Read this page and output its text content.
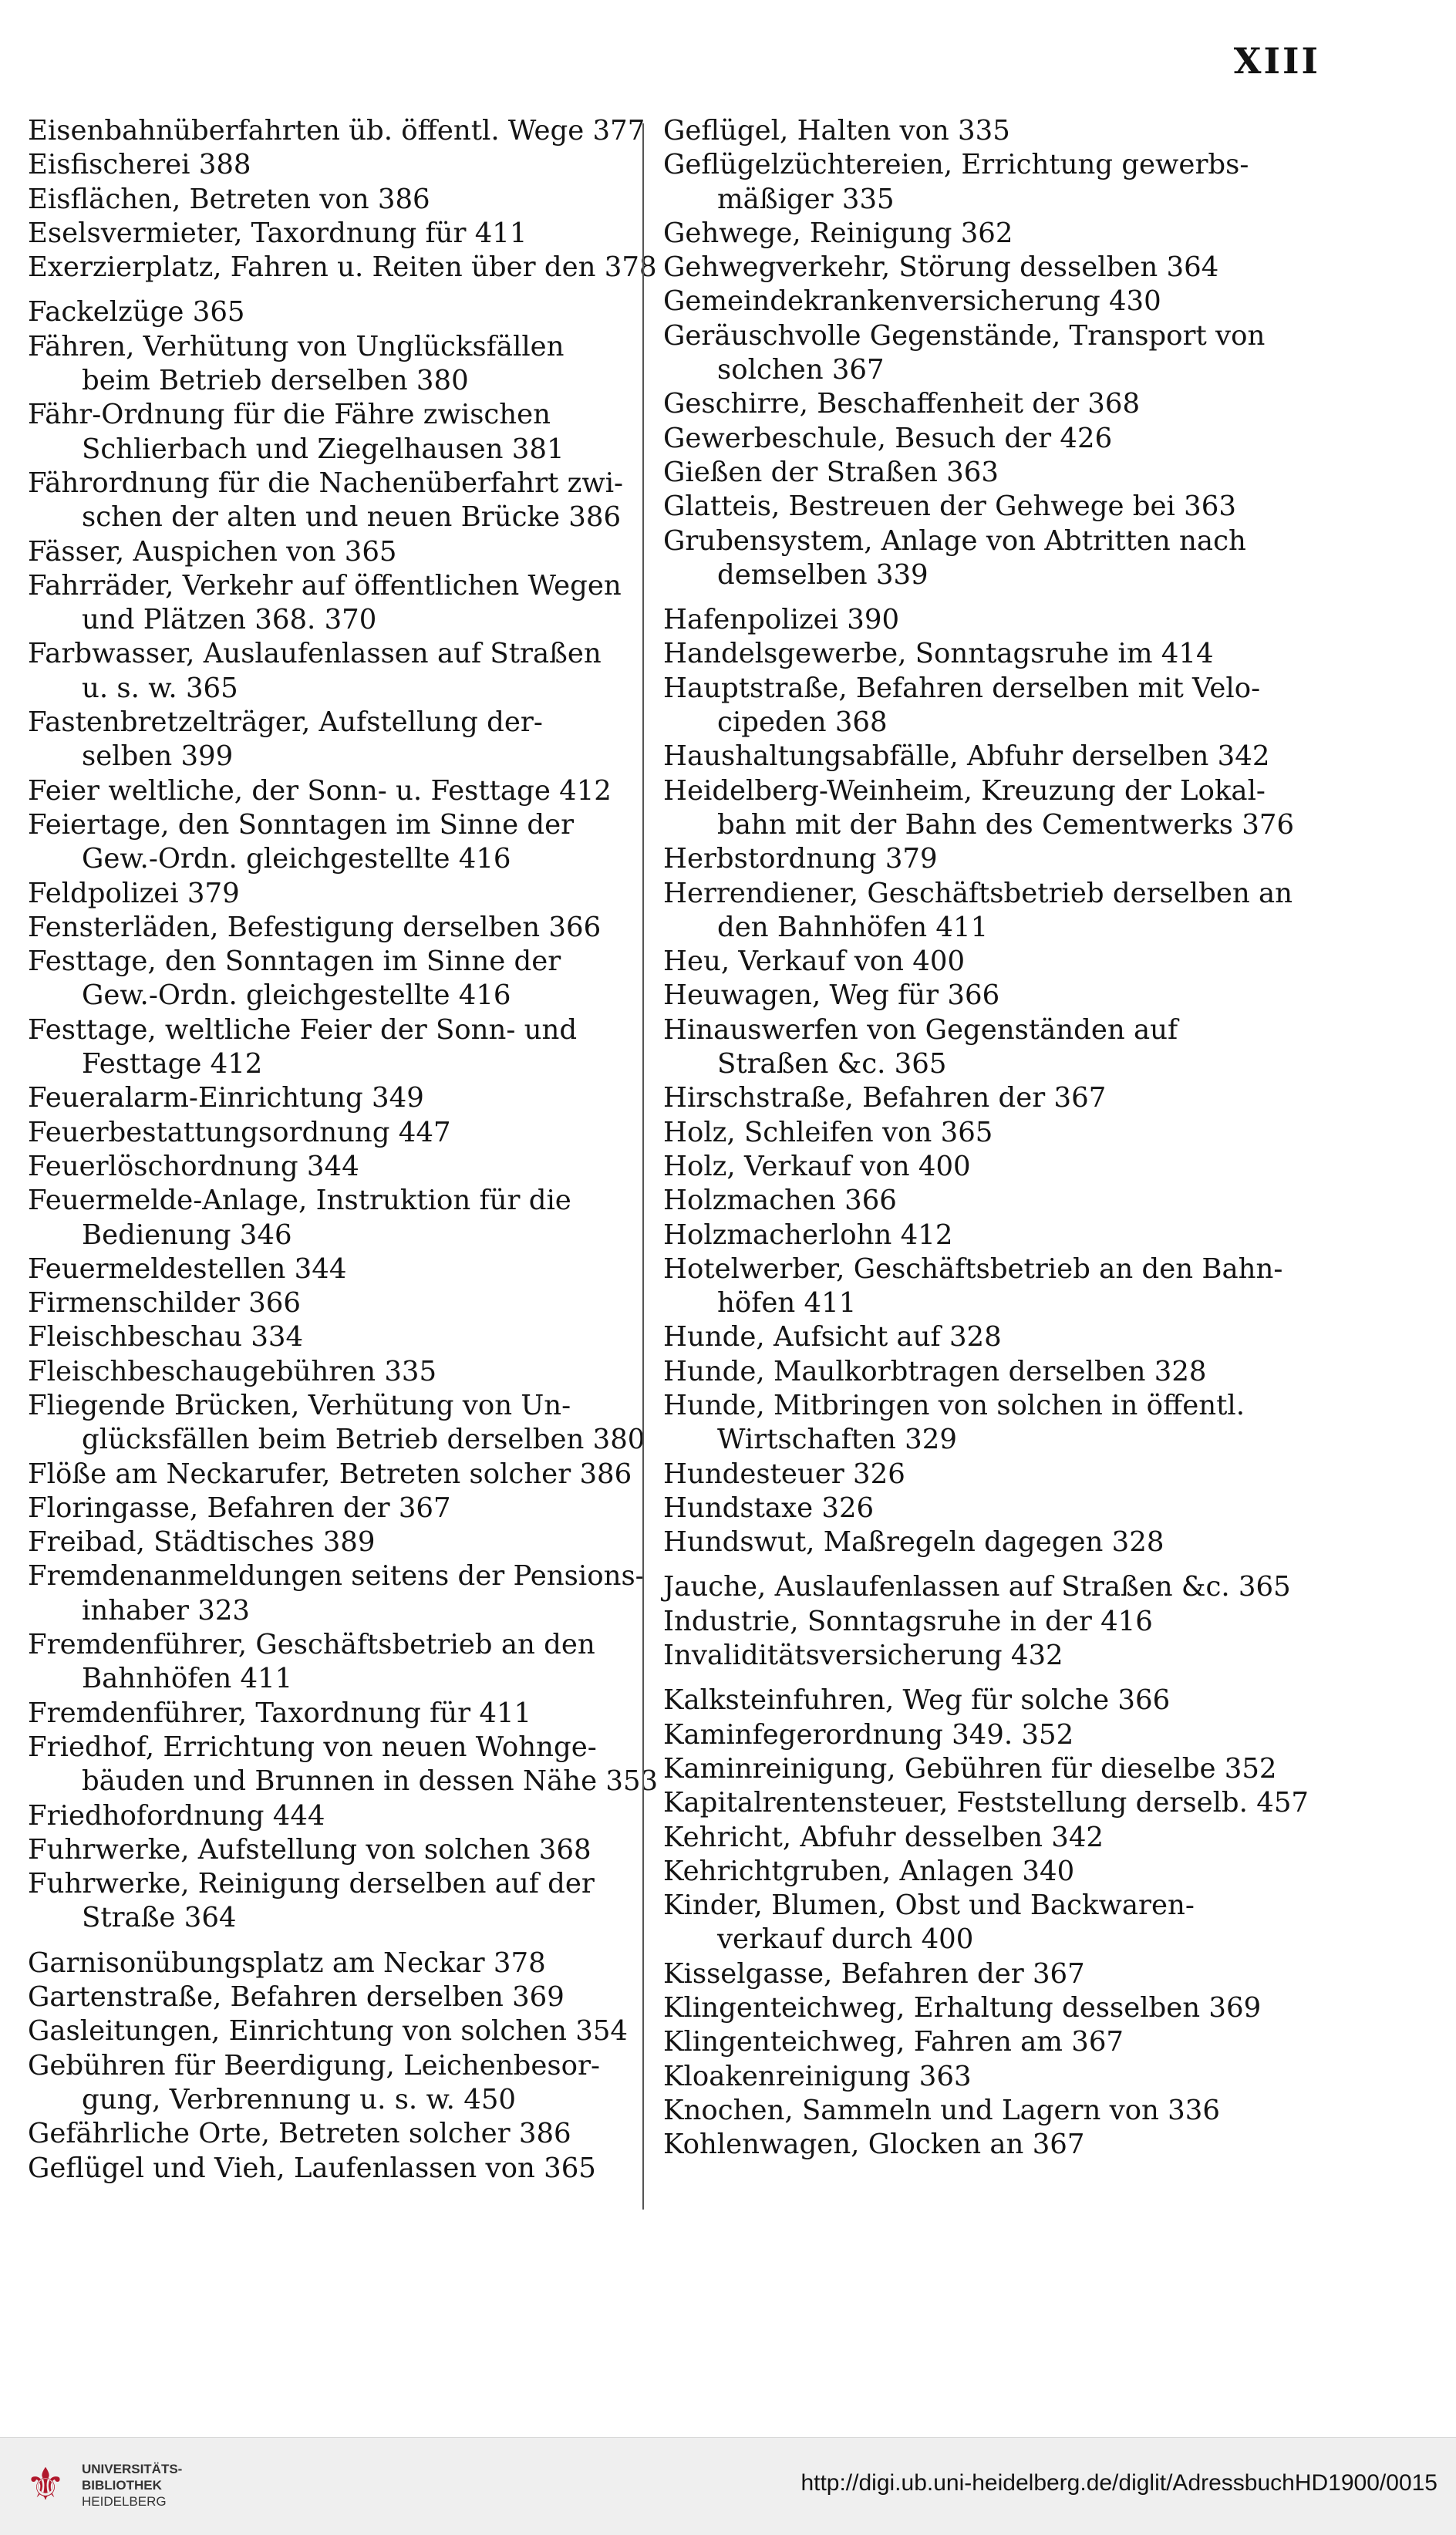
XIII
Eisenbahnüberfahrten üb. öffentl. Wege 377
Eisfischerei 388
Eisflächen, Betreten von 386
Eselsvermieter, Taxordnung für 411
Exerzierplatz, Fahren u. Reiten über den 378
Fackelzüge 365
Fähren, Verhütung von Unglücksfällen
beim Betrieb derselben 380
Fähr-Ordnung für die Fähre zwischen
Schlierbach und Ziegelhausen 381
Fährordnung für die Nachenüberfahrt zwi-
schen der alten und neuen Brücke 386
Fässer, Auspichen von 365
Fahrräder, Verkehr auf öffentlichen Wegen
und Plätzen 368. 370
Farbwasser, Auslaufenlassen auf Straßen
u. s. w. 365
Fastenbretzelträger, Aufstellung der-
selben 399
Feier weltliche, der Sonn- u. Festtage 412
Feiertage, den Sonntagen im Sinne der
Gew.-Ordn. gleichgestellte 416
Feldpolizei 379
Fensterläden, Befestigung derselben 366
Festtage, den Sonntagen im Sinne der
Gew.-Ordn. gleichgestellte 416
Festtage, weltliche Feier der Sonn- und
Festtage 412
Feueralarm-Einrichtung 349
Feuerbestattungsordnung 447
Feuerlöschordnung 344
Feuermelde-Anlage, Instruktion für die
Bedienung 346
Feuermeldestellen 344
Firmenschilder 366
Fleischbeschau 334
Fleischbeschaugebühren 335
Fliegende Brücken, Verhütung von Un-
glücksfällen beim Betrieb derselben 380
Flöße am Neckarufer, Betreten solcher 386
Floringasse, Befahren der 367
Freibad, Städtisches 389
Fremdenanmeldungen seitens der Pensions-
inhaber 323
Fremdenführer, Geschäftsbetrieb an den
Bahnhöfen 411
Fremdenführer, Taxordnung für 411
Friedhof, Errichtung von neuen Wohnge-
bäuden und Brunnen in dessen Nähe 353
Friedhofordnung 444
Fuhrwerke, Aufstellung von solchen 368
Fuhrwerke, Reinigung derselben auf der
Straße 364
Garnisonübungsplatz am Neckar 378
Gartenstraße, Befahren derselben 369
Gasleitungen, Einrichtung von solchen 354
Gebühren für Beerdigung, Leichenbesor-
gung, Verbrennung u. s. w. 450
Gefährliche Orte, Betreten solcher 386
Geflügel und Vieh, Laufenlassen von 365
Geflügel, Halten von 335
Geflügelzüchtereien, Errichtung gewerbs-
mäßiger 335
Gehwege, Reinigung 362
Gehwegverkehr, Störung desselben 364
Gemeindekrankenversicherung 430
Geräuschvolle Gegenstände, Transport von
solchen 367
Geschirre, Beschaffenheit der 368
Gewerbeschule, Besuch der 426
Gießen der Straßen 363
Glatteis, Bestreuen der Gehwege bei 363
Grubensystem, Anlage von Abtritten nach
demselben 339
Hafenpolizei 390
Handelsgewerbe, Sonntagsruhe im 414
Hauptstraße, Befahren derselben mit Velo-
cipeden 368
Haushaltungsabfälle, Abfuhr derselben 342
Heidelberg-Weinheim, Kreuzung der Lokal-
bahn mit der Bahn des Cementwerks 376
Herbstordnung 379
Herrendiener, Geschäftsbetrieb derselben an
den Bahnhöfen 411
Heu, Verkauf von 400
Heuwagen, Weg für 366
Hinauswerfen von Gegenständen auf
Straßen &c. 365
Hirschstraße, Befahren der 367
Holz, Schleifen von 365
Holz, Verkauf von 400
Holzmachen 366
Holzmacherlohn 412
Hotelwerber, Geschäftsbetrieb an den Bahn-
höfen 411
Hunde, Aufsicht auf 328
Hunde, Maulkorbtragen derselben 328
Hunde, Mitbringen von solchen in öffentl.
Wirtschaften 329
Hundesteuer 326
Hundstaxe 326
Hundswut, Maßregeln dagegen 328
Jauche, Auslaufenlassen auf Straßen &c. 365
Industrie, Sonntagsruhe in der 416
Invaliditätsversicherung 432
Kalksteinfuhren, Weg für solche 366
Kaminfegerordnung 349. 352
Kaminreinigung, Gebühren für dieselbe 352
Kapitalrentensteuer, Feststellung derselb. 457
Kehricht, Abfuhr desselben 342
Kehrichtgruben, Anlagen 340
Kinder, Blumen, Obst und Backwaren-
verkauf durch 400
Kisselgasse, Befahren der 367
Klingenteichweg, Erhaltung desselben 369
Klingenteichweg, Fahren am 367
Kloakenreinigung 363
Knochen, Sammeln und Lagern von 336
Kohlenwagen, Glocken an 367
⚜	UNIVERSITÄTS-
BIBLIOTHEK
HEIDELBERG
http://digi.ub.uni-heidelberg.de/diglit/AdressbuchHD1900/0015
